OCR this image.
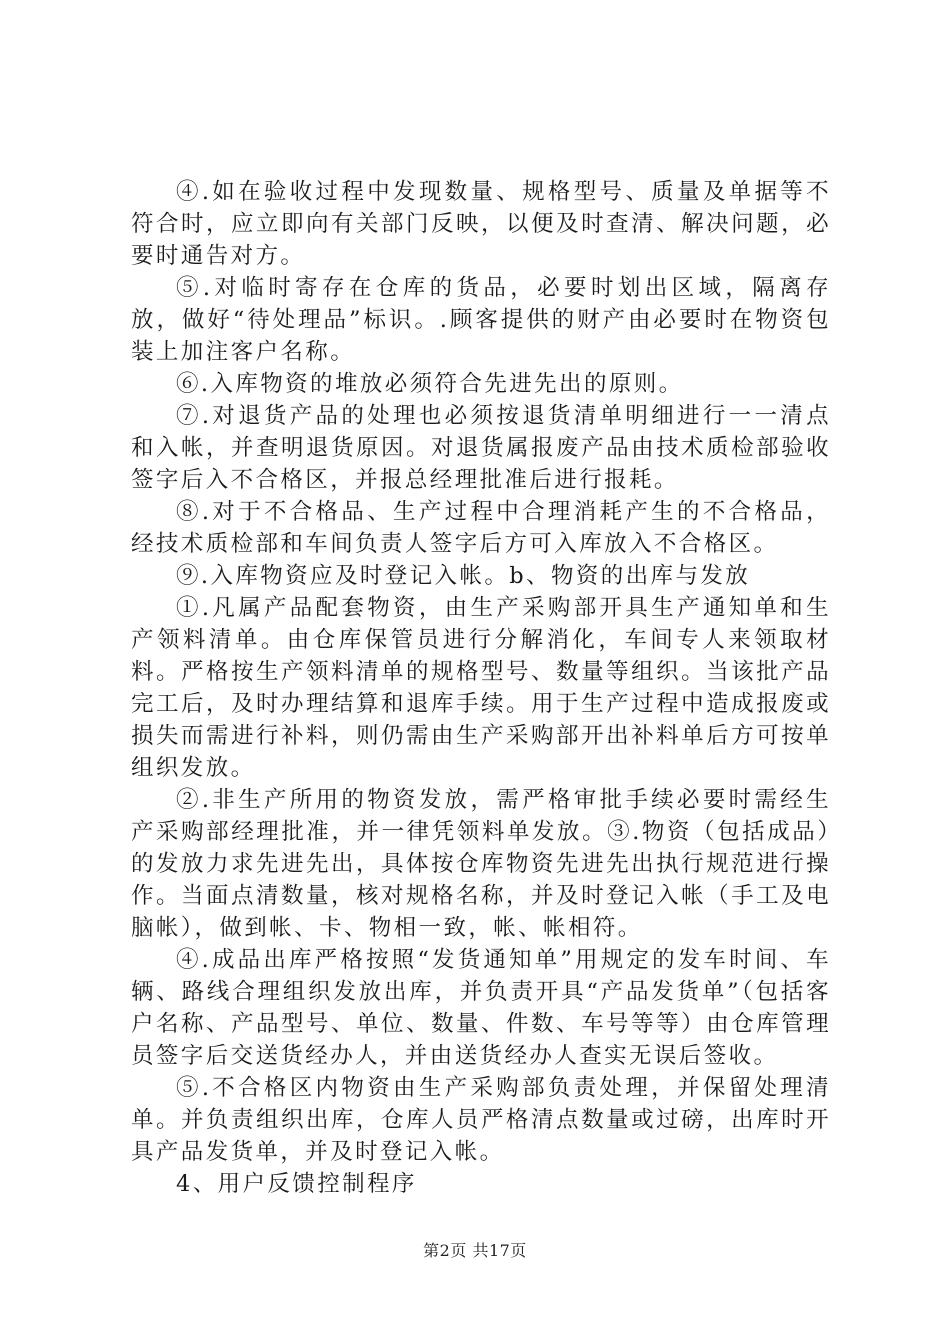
④.如在验收过程中发现数量、规格型号、质量及单据等不符合时，应立即向有关部门反映，以便及时查清、解决问题，必要时通告对方。

⑤.对临时寄存在仓库的货品，必要时划出区域，隔离存放，做好“待处理品”标识。.顾客提供的财产由必要时在物资包装上加注客户名称。

⑥.入库物资的堆放必须符合先进先出的原则。

⑦.对退货产品的处理也必须按退货清单明细进行一一清点和入帐，并查明退货原因。对退货属报废产品由技术质检部验收签字后入不合格区，并报总经理批准后进行报耗。

⑧.对于不合格品、生产过程中合理消耗产生的不合格品，经技术质检部和车间负责人签字后方可入库放入不合格区。

⑨.入库物资应及时登记入帐。b、物资的出库与发放

①.凡属产品配套物资，由生产采购部开具生产通知单和生产领料清单。由仓库保管员进行分解消化，车间专人来领取材料。严格按生产领料清单的规格型号、数量等组织。当该批产品完工后，及时办理结算和退库手续。用于生产过程中造成报废或损失而需进行补料，则仍需由生产采购部开出补料单后方可按单组织发放。

②.非生产所用的物资发放，需严格审批手续必要时需经生产采购部经理批准，并一律凭领料单发放。③.物资（包括成品）的发放力求先进先出，具体按仓库物资先进先出执行规范进行操作。当面点清数量，核对规格名称，并及时登记入帐（手工及电脑帐），做到帐、卡、物相一致，帐、帐相符。

④.成品出库严格按照“发货通知单”用规定的发车时间、车辆、路线合理组织发放出库，并负责开具“产品发货单”（包括客户名称、产品型号、单位、数量、件数、车号等等）由仓库管理员签字后交送货经办人，并由送货经办人查实无误后签收。

⑤.不合格区内物资由生产采购部负责处理，并保留处理清单。并负责组织出库，仓库人员严格清点数量或过磅，出库时开具产品发货单，并及时登记入帐。

4、用户反馈控制程序

第2页 共17页
